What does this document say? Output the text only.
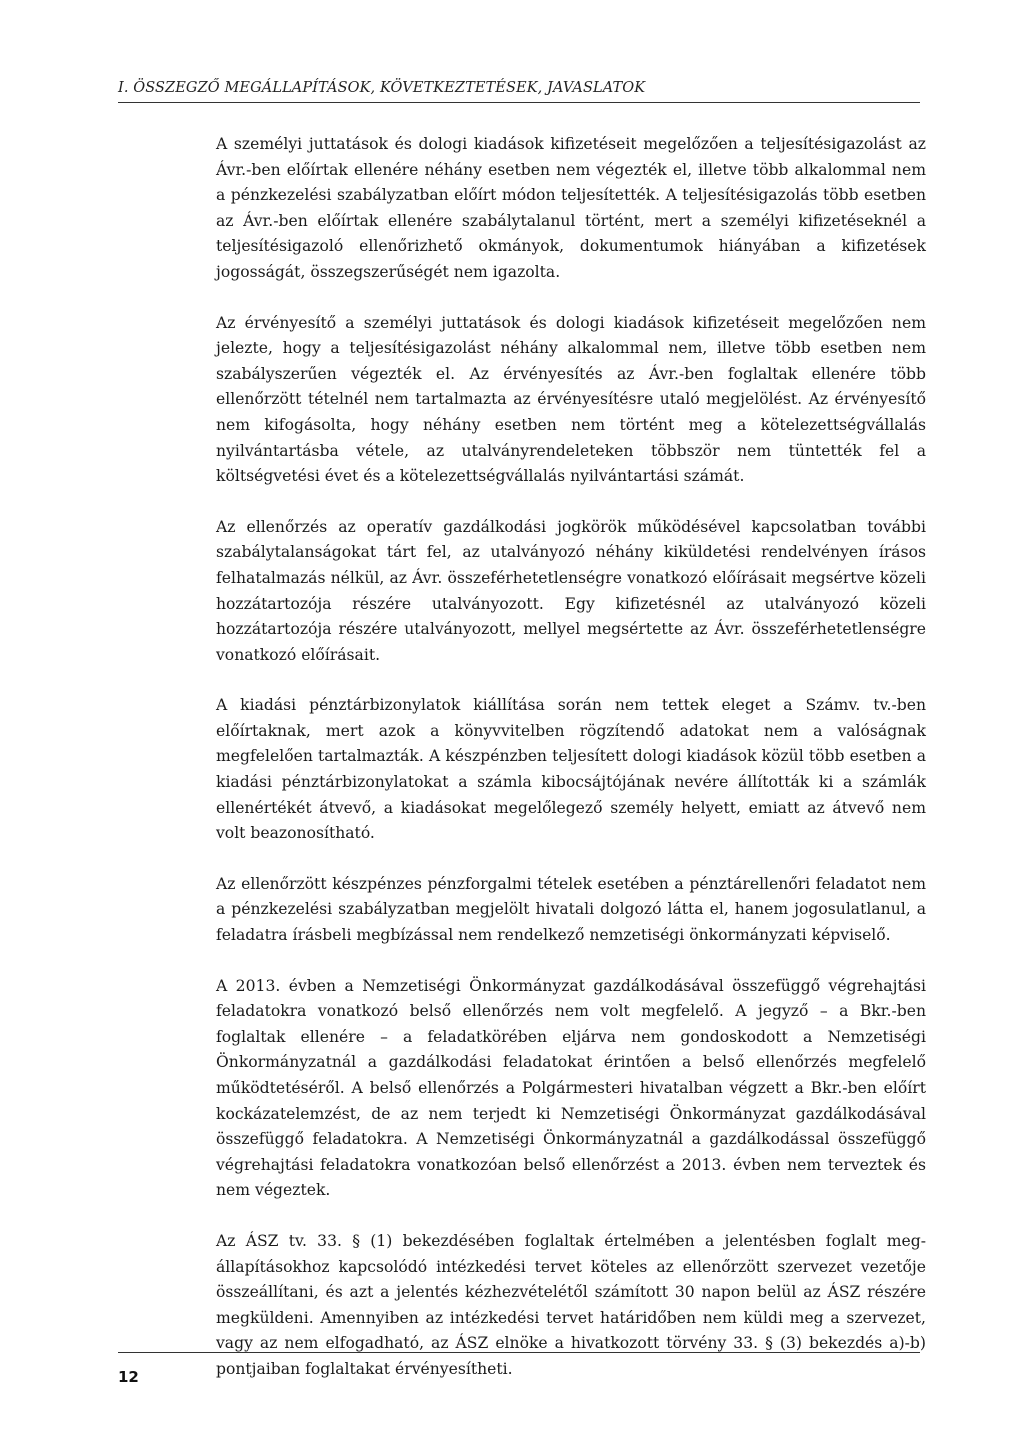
I. ÖSSZEGZŐ MEGÁLLAPÍTÁSOK, KÖVETKEZTETÉSEK, JAVASLATOK

A személyi juttatások és dologi kiadások kifizetéseit megelőzően a teljesítésigazolást az Ávr.-ben előírtak ellenére néhány esetben nem végezték el, illetve több alkalommal nem a pénzkezelési szabályzatban előírt módon teljesítették. A teljesítésigazolás több esetben az Ávr.-ben előírtak ellenére szabálytalanul történt, mert a személyi kifizetéseknél a teljesítésigazoló ellenőrizhető okmányok, dokumentumok hiányában a kifizetések jogosságát, összegszerűségét nem igazolta.

Az érvényesítő a személyi juttatások és dologi kiadások kifizetéseit megelőzően nem jelezte, hogy a teljesítésigazolást néhány alkalommal nem, illetve több esetben nem szabályszerűen végezték el. Az érvényesítés az Ávr.-ben foglaltak ellenére több ellenőrzött tételnél nem tartalmazta az érvényesítésre utaló megjelölést. Az érvényesítő nem kifogásolta, hogy néhány esetben nem történt meg a kötelezettségvállalás nyilvántartásba vétele, az utalványrendeleteken többször nem tüntették fel a költségvetési évet és a kötelezettségvállalás nyilvántartási számát.

Az ellenőrzés az operatív gazdálkodási jogkörök működésével kapcsolatban további szabálytalanságokat tárt fel, az utalványozó néhány kiküldetési rendelvényen írásos felhatalmazás nélkül, az Ávr. összeférhetetlenségre vonatkozó előírásait megsértve közeli hozzátartozója részére utalványozott. Egy kifizetésnél az utalványozó közeli hozzátartozója részére utalványozott, mellyel megsértette az Ávr. összeférhetetlenségre vonatkozó előírásait.

A kiadási pénztárbizonylatok kiállítása során nem tettek eleget a Számv. tv.-ben előírtaknak, mert azok a könyvvitelben rögzítendő adatokat nem a valóságnak megfelelően tartalmazták. A készpénzben teljesített dologi kiadások közül több esetben a kiadási pénztárbizonylatokat a számla kibocsájtójának nevére állították ki a számlák ellenértékét átvevő, a kiadásokat megelőlegező személy helyett, emiatt az átvevő nem volt beazonosítható.

Az ellenőrzött készpénzes pénzforgalmi tételek esetében a pénztárellenőri feladatot nem a pénzkezelési szabályzatban megjelölt hivatali dolgozó látta el, hanem jogosulatlanul, a feladatra írásbeli megbízással nem rendelkező nemzetiségi önkormányzati képviselő.

A 2013. évben a Nemzetiségi Önkormányzat gazdálkodásával összefüggő végrehajtási feladatokra vonatkozó belső ellenőrzés nem volt megfelelő. A jegyző – a Bkr.-ben foglaltak ellenére – a feladatkörében eljárva nem gondoskodott a Nemzetiségi Önkormányzatnál a gazdálkodási feladatokat érintően a belső ellenőrzés megfelelő működtetéséről. A belső ellenőrzés a Polgármesteri hivatalban végzett a Bkr.-ben előírt kockázatelemzést, de az nem terjedt ki Nemzetiségi Önkormányzat gazdálkodásával összefüggő feladatokra. A Nemzetiségi Önkormányzatnál a gazdálkodással összefüggő végrehajtási feladatokra vonatkozóan belső ellenőrzést a 2013. évben nem terveztek és nem végeztek.

Az ÁSZ tv. 33. § (1) bekezdésében foglaltak értelmében a jelentésben foglalt megállapításokhoz kapcsolódó intézkedési tervet köteles az ellenőrzött szervezet vezetője összeállítani, és azt a jelentés kézhezvételétől számított 30 napon belül az ÁSZ részére megküldeni. Amennyiben az intézkedési tervet határidőben nem küldi meg a szervezet, vagy az nem elfogadható, az ÁSZ elnöke a hivatkozott törvény 33. § (3) bekezdés a)-b) pontjaiban foglaltakat érvényesítheti.

12
